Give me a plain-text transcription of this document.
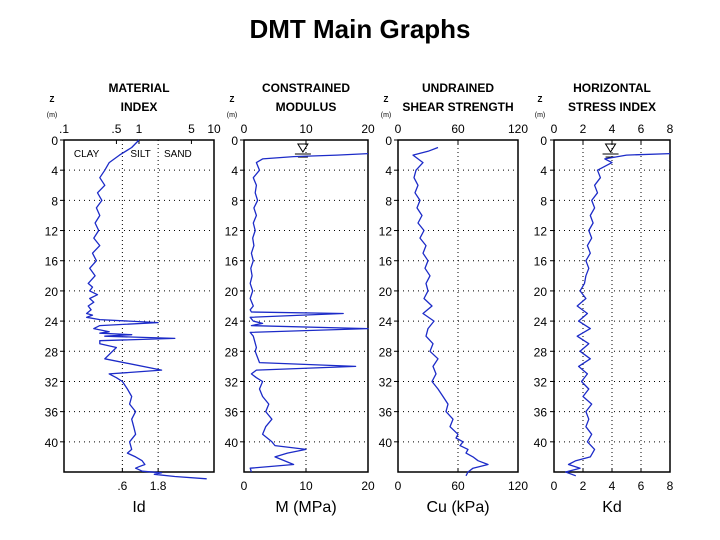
DMT Main Graphs
MATERIAL
INDEX
Z
(m)
.1	.5 1	5 10
.6 1.8
Id
0
4
8
12
16
20
24
28
32
36
40
CLAY	SILT SAND
CONSTRAINED
MODULUS
Z
(m)
0	10	20
0	10	20
M (MPa)
0
4
8
12
16
20
24
28
32
36
40
UNDRAINED
SHEAR STRENGTH
Z
(m)
0	60	120
0	60	120
Cu (kPa)
0
4
8
12
16
20
24
28
32
36
40
HORIZONTAL
STRESS INDEX
Z
(m)
0 2 4 6 8
0 2 4 6 8
Kd
0
4
8
12
16
20
24
28
32
36
40
